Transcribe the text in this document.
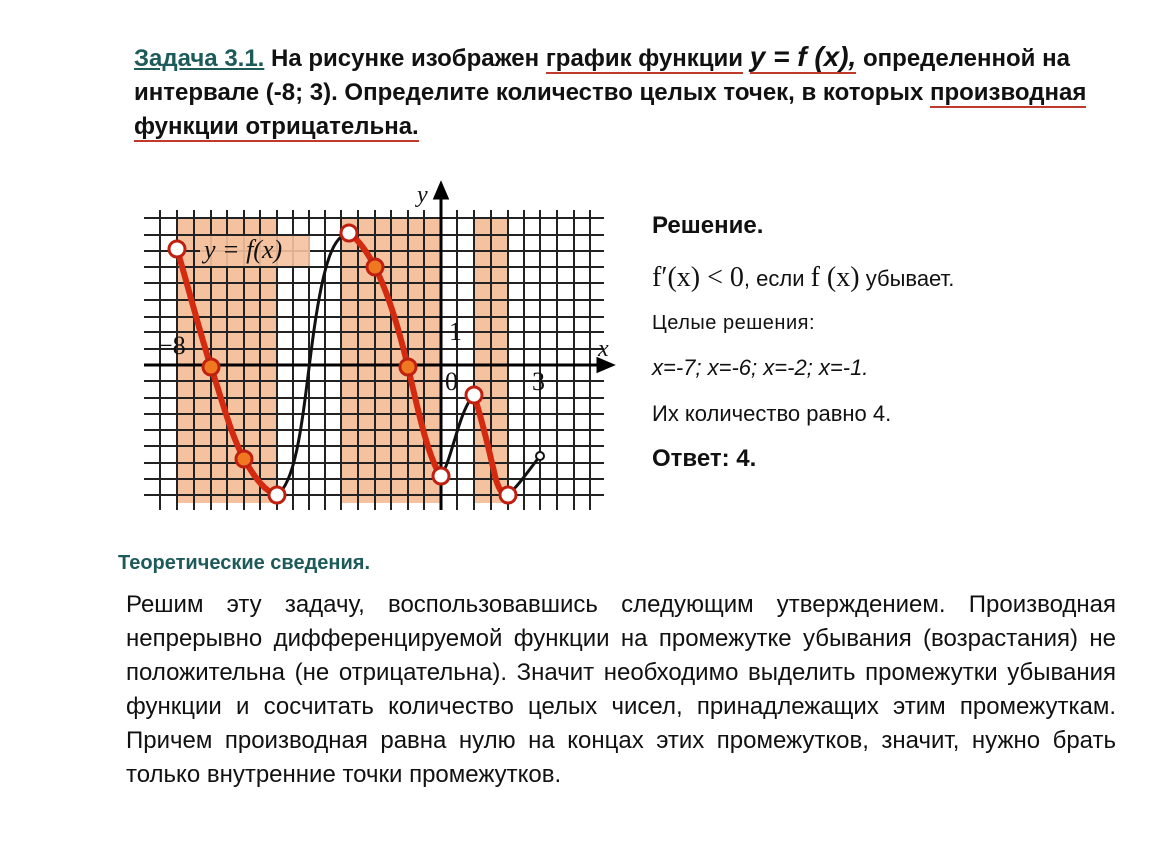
Задача 3.1. На рисунке изображен график функции y = f (x), определенной на интервале (-8; 3). Определите количество целых точек, в которых производная функции отрицательна.
y
x
y = f(x)
−8	1
0	3
Решение.
f′(x) < 0, если f (x) убывает.
Целые решения:
x=-7; x=-6; x=-2; x=-1.
Их количество равно 4.
Ответ: 4.
Теоретические сведения.
Решим эту задачу, воспользовавшись следующим утверждением. Производная непрерывно дифференцируемой функции на промежутке убывания (возрастания) не положительна (не отрицательна). Значит необходимо выделить промежутки убывания функции и сосчитать количество целых чисел, принадлежащих этим промежуткам. Причем производная равна нулю на концах этих промежутков, значит, нужно брать только внутренние точки промежутков.
